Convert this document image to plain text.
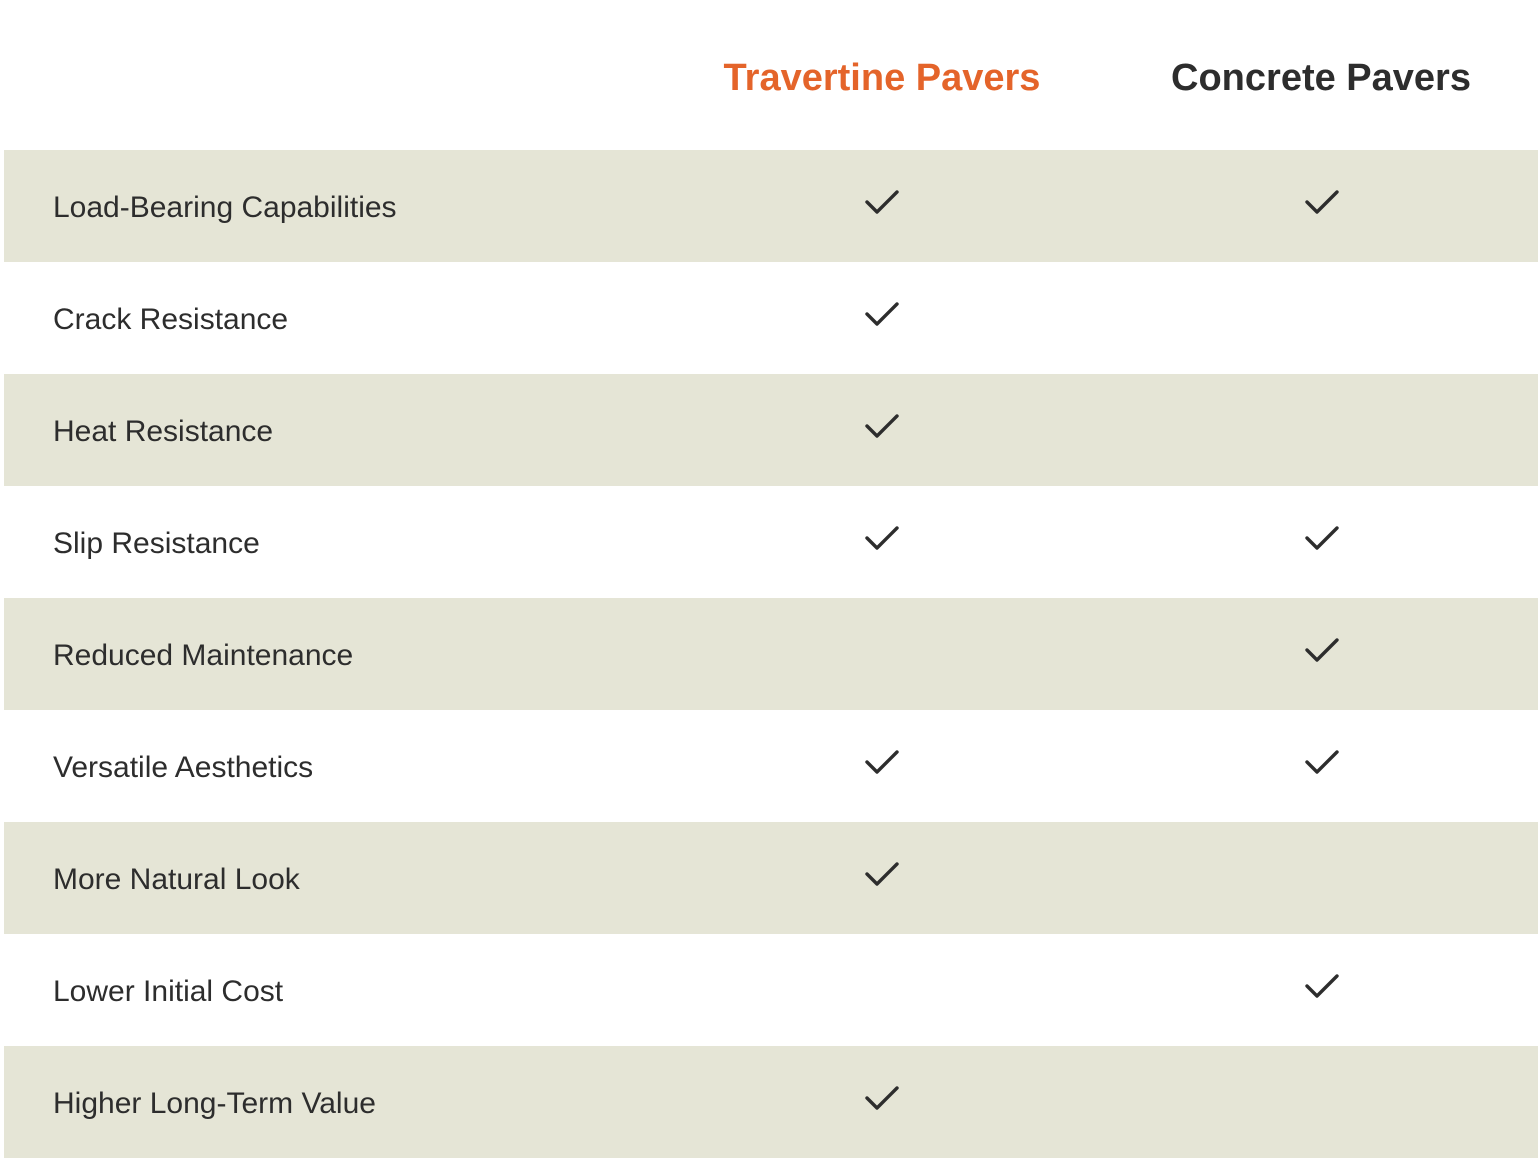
Travertine Pavers	Concrete Pavers
Load-Bearing Capabilities
Crack Resistance
Heat Resistance
Slip Resistance
Reduced Maintenance
Versatile Aesthetics
More Natural Look
Lower Initial Cost
Higher Long-Term Value
